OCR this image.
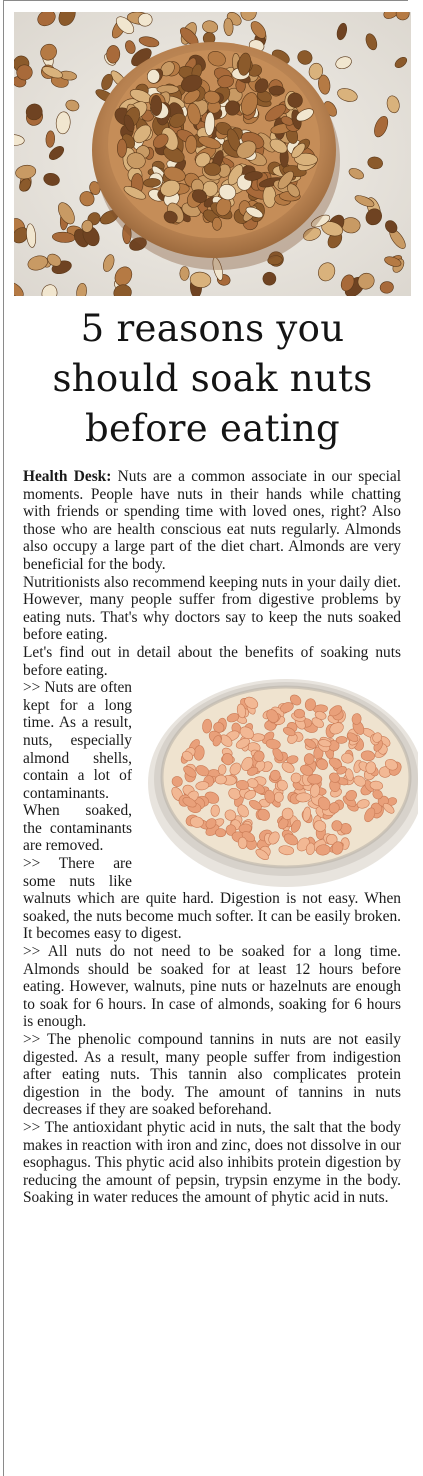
5 reasons you
should soak nuts
before eating

Health Desk: Nuts are a common associate in our special moments. People have nuts in their hands while chatting with friends or spending time with loved ones, right? Also those who are health conscious eat nuts regularly. Almonds also occupy a large part of the diet chart. Almonds are very beneficial for the body.

Nutritionists also recommend keeping nuts in your daily diet. However, many people suffer from digestive problems by eating nuts. That's why doctors say to keep the nuts soaked before eating.

Let's find out in detail about the benefits of soaking nuts before eating.

>> Nuts are often kept for a long time. As a result, nuts, especially almond shells, contain a lot of contaminants. When soaked, the contaminants are removed.

>> There are some nuts like walnuts which are quite hard. Digestion is not easy. When soaked, the nuts become much softer. It can be easily broken. It becomes easy to digest.

>> All nuts do not need to be soaked for a long time. Almonds should be soaked for at least 12 hours before eating. However, walnuts, pine nuts or hazelnuts are enough to soak for 6 hours. In case of almonds, soaking for 6 hours is enough.

>> The phenolic compound tannins in nuts are not easily digested. As a result, many people suffer from indigestion after eating nuts. This tannin also complicates protein digestion in the body. The amount of tannins in nuts decreases if they are soaked beforehand.

>> The antioxidant phytic acid in nuts, the salt that the body makes in reaction with iron and zinc, does not dissolve in our esophagus. This phytic acid also inhibits protein digestion by reducing the amount of pepsin, trypsin enzyme in the body. Soaking in water reduces the amount of phytic acid in nuts.
